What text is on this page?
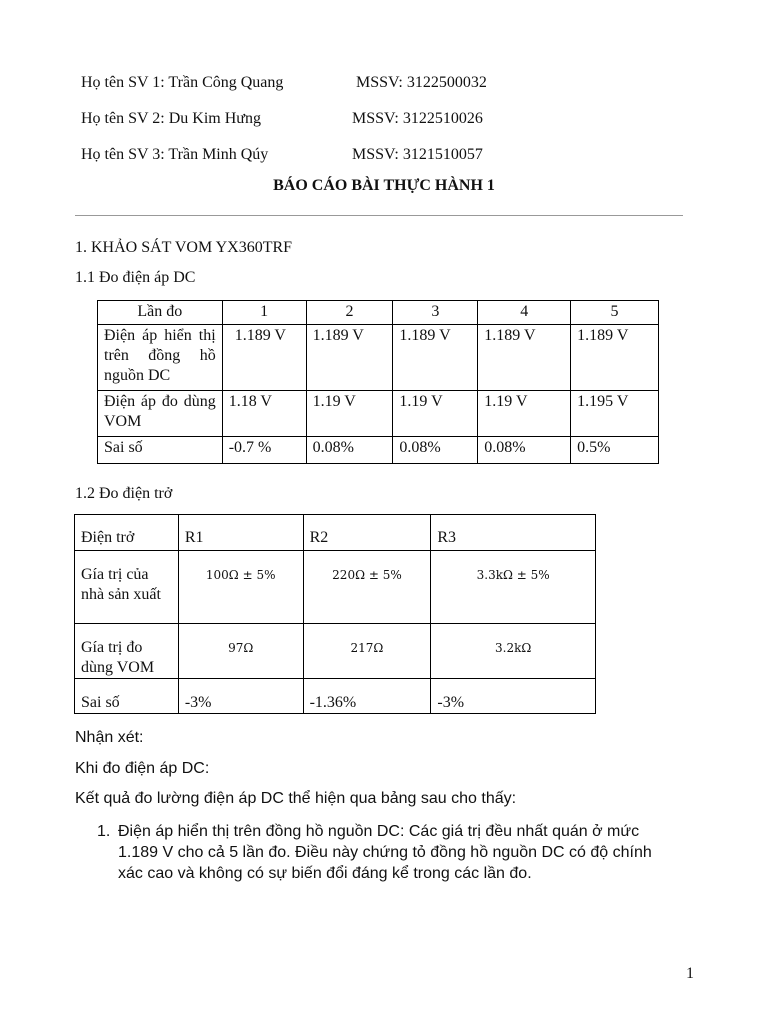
Họ tên SV 1: Trần Công Quang	MSSV: 3122500032
Họ tên SV 2: Du Kim Hưng	MSSV: 3122510026
Họ tên SV 3: Trần Minh Qúy	MSSV: 3121510057
BÁO CÁO BÀI THỰC HÀNH 1
1. KHẢO SÁT VOM YX360TRF
1.1 Đo điện áp DC
Lần đo	1	2	3	4	5
Điện áp hiển thị trên đồng hồ nguồn DC	1.189 V	1.189 V	1.189 V	1.189 V	1.189 V
Điện áp đo dùng VOM	1.18 V	1.19 V	1.19 V	1.19 V	1.195 V
Sai số	-0.7 %	0.08%	0.08%	0.08%	0.5%
1.2 Đo điện trở
Điện trở	R1	R2	R3
Gía trị của nhà sản xuất	100Ω ± 5%	220Ω ± 5%	3.3kΩ ± 5%
Gía trị đo dùng VOM	97Ω	217Ω	3.2kΩ
Sai số	-3%	-1.36%	-3%
Nhận xét:
Khi đo điện áp DC:
Kết quả đo lường điện áp DC thể hiện qua bảng sau cho thấy:
1. Điện áp hiển thị trên đồng hồ nguồn DC: Các giá trị đều nhất quán ở mức 1.189 V cho cả 5 lần đo. Điều này chứng tỏ đồng hồ nguồn DC có độ chính xác cao và không có sự biến đổi đáng kể trong các lần đo.
1
